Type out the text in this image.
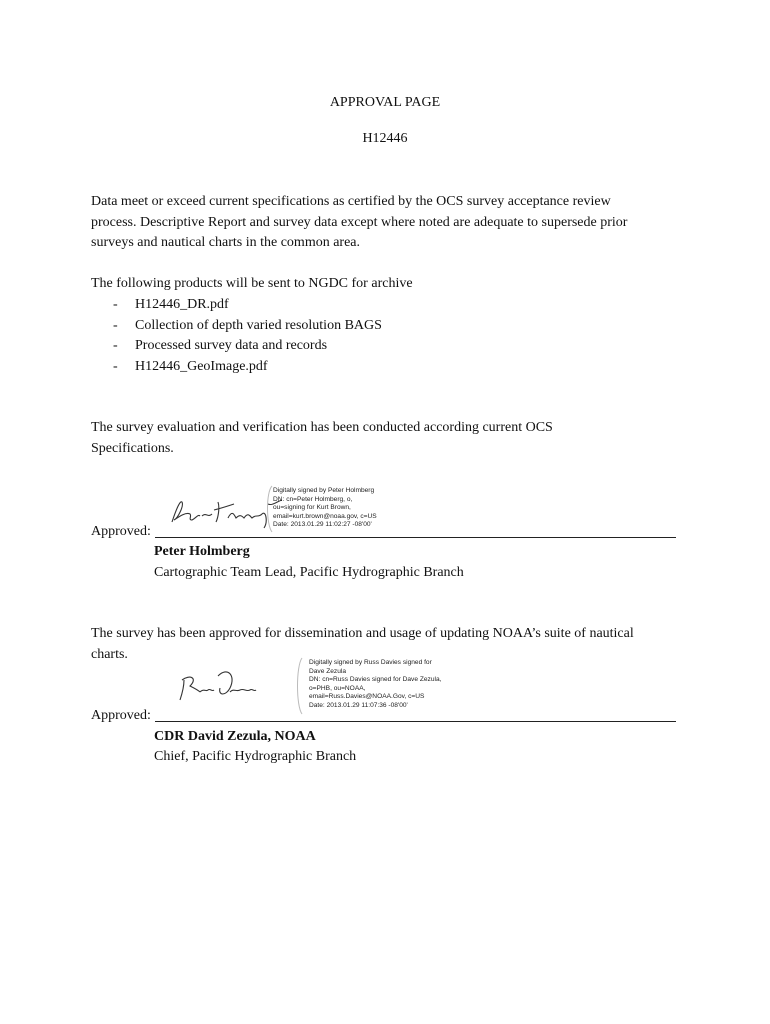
APPROVAL PAGE
H12446
Data meet or exceed current specifications as certified by the OCS survey acceptance review
process. Descriptive Report and survey data except where noted are adequate to supersede prior
surveys and nautical charts in the common area.
The following products will be sent to NGDC for archive
- H12446_DR.pdf
- Collection of depth varied resolution BAGS
- Processed survey data and records
- H12446_GeoImage.pdf
The survey evaluation and verification has been conducted according current OCS
Specifications.
Digitally signed by Peter Holmberg
DN: cn=Peter Holmberg, o,
ou=signing for Kurt Brown,
email=kurt.brown@noaa.gov, c=US
Date: 2013.01.29 11:02:27 -08'00'
Approved:
Peter Holmberg
Cartographic Team Lead, Pacific Hydrographic Branch
The survey has been approved for dissemination and usage of updating NOAA’s suite of nautical
charts.
Digitally signed by Russ Davies signed for
Dave Zezula
DN: cn=Russ Davies signed for Dave Zezula,
o=PHB, ou=NOAA,
email=Russ.Davies@NOAA.Gov, c=US
Date: 2013.01.29 11:07:36 -08'00'
Approved:
CDR David Zezula, NOAA
Chief, Pacific Hydrographic Branch
